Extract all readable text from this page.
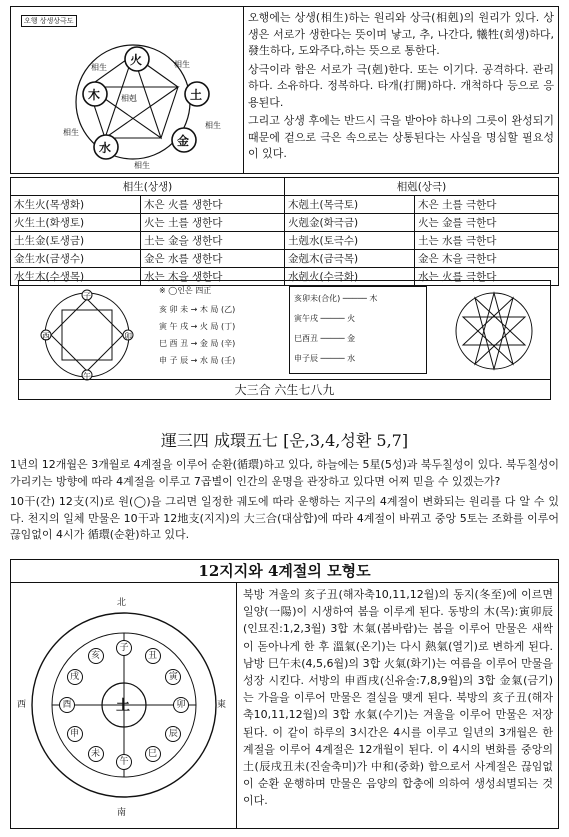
오행 상생상극도
火
土
金
水
木	相剋
相生	相生
相生
相生
相生

오행에는 상생(相生)하는 원리와 상극(相剋)의 원리가 있다. 상생은 서로가 생한다는 뜻이며 낳고, 추, 나간다, 犧牲(희생)하다, 發生하다, 도와주다,하는 뜻으로 통한다.

상극이라 함은 서로가 극(剋)한다. 또는 이기다. 공격하다. 관리하다. 소유하다. 정복하다. 타개(打開)하다. 개척하다 등으로 응용된다.

그리고 상생 후에는 반드시 극을 받아야 하나의 그릇이 완성되기 때문에 겉으로 극은 속으로는 상통된다는 사실을 명심할 필요성이 있다.

相生(상생)		相剋(상극)	
木生火(목생화)	木은 火를 생한다	木剋土(목극토)	木은 土를 극한다
火生土(화생토)	火는 土를 생한다	火剋金(화극금)	火는 金를 극한다
土生金(토생금)	土는 金을 생한다	土剋水(토극수)	土는 水를 극한다
金生水(금생수)	金은 水를 생한다	金剋木(금극목)	金은 木을 극한다
水生木(수생목)	水는 木을 생한다	水剋火(수극화)	水는 火를 극한다
子
卯
午
酉
※ ◯인은 四正
亥 卯 未 → 木 局 (乙)
寅 午 戌 → 火 局 (丁)
巳 酉 丑 → 金 局 (辛)
申 子 辰 → 水 局 (壬)
亥卯未(合化) ───── 木
寅午戌 ───── 火
巳酉丑 ───── 金
申子辰 ───── 水
大三合 六生七八九
運三四 成環五七 [운,3,4,성환 5,7]

1년의 12개월은 3개월로 4계절을 이루어 순환(循環)하고 있다, 하늘에는 5星(5성)과 북두칠성이 있다. 북두칠성이 가리키는 방향에 따라 4계절을 이루고 7곱별이 인간의 운명을 관장하고 있다면 어찌 믿을 수 있겠는가?

10干(간) 12支(지)로 원(◯)을 그리면 일정한 궤도에 따라 운행하는 지구의 4계절이 변화되는 원리를 다 알 수 있다. 천지의 일체 만물은 10干과 12地支(지지)의 大三合(대삼합)에 따라 4계절이 바뀌고 중앙 5토는 조화를 이루어 끊임없이 4시가 循環(순환)하고 있다.

12지지와 4계절의 모형도
北
南
東
西	土
子
丑
寅
卯
辰
巳
午
未
申
酉
戌
亥
북방 겨울의 亥子丑(해자축10,11,12월)의 동지(冬至)에 이르면 일양(一陽)이 시생하여 봄을 이루게 된다. 동방의 木(목):寅卯辰(인묘진:1,2,3월) 3합 木氣(봄바람)는 봄을 이루어 만물은 새싹이 돋아나게 한 후 溫氣(온기)는 다시 熱氣(열기)로 변하게 된다. 남방 巳午未(4,5,6월)의 3합 火氣(화기)는 여름을 이루어 만물을 성장 시킨다. 서방의 申酉戌(신유술:7,8,9월)의 3합 金氣(금기)는 가을을 이루어 만물은 결실을 맺게 된다. 북방의 亥子丑(해자축10,11,12월)의 3합 水氣(수기)는 겨울을 이루어 만물은 저장 된다. 이 같이 하루의 3시간은 4시를 이루고 일년의 3개월은 한 계절을 이루어 4계절은 12개월이 된다. 이 4시의 변화를 중앙의 土(辰戌丑未(진술축미)가 中和(중화) 함으로서 사계절은 끊임없이 순환 운행하며 만물은 음양의 합충에 의하여 생성쇠멸되는 것이다.
